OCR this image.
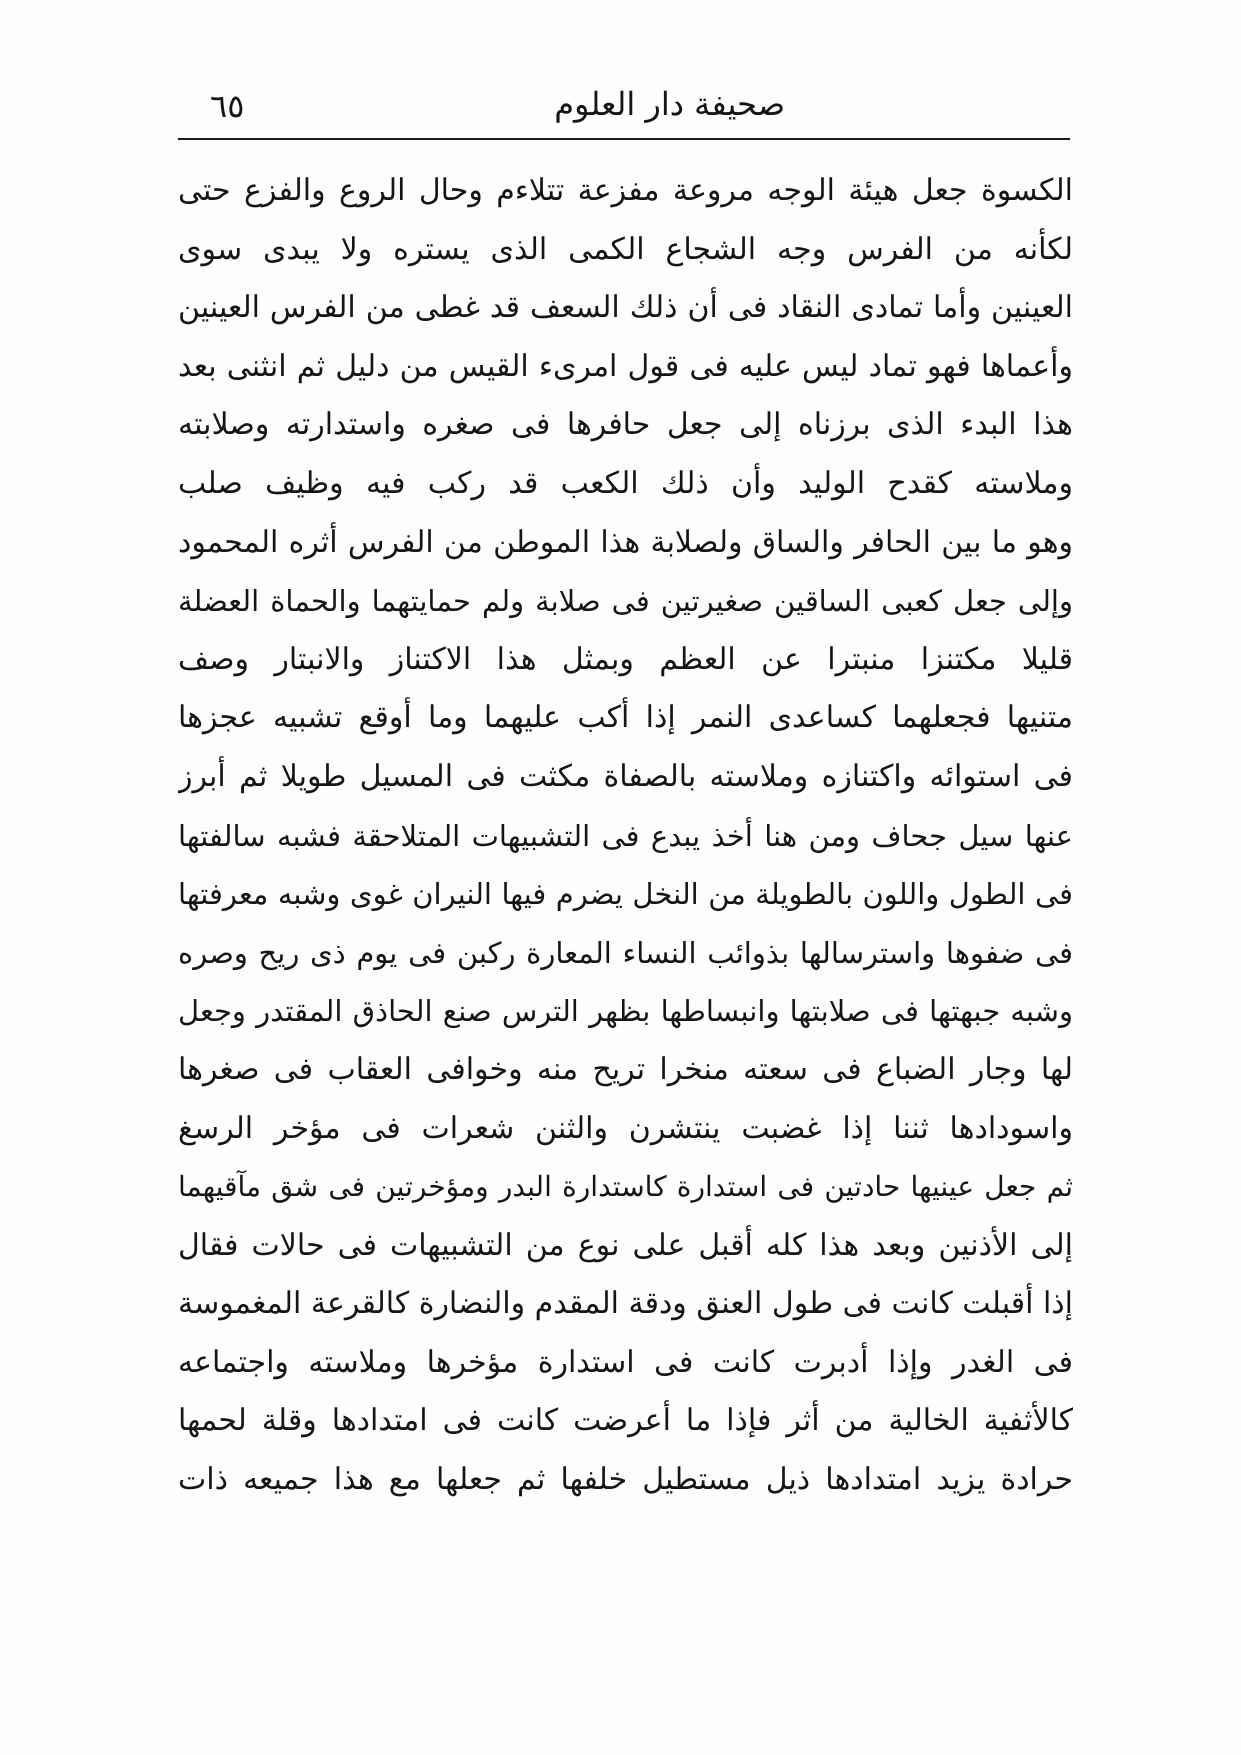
صحيفة دار العلوم
٦٥
الكسوة جعل هيئة الوجه مروعة مفزعة تتلاءم وحال الروع والفزع حتى
لكأنه من الفرس وجه الشجاع الكمى الذى يستره ولا يبدى سوى
العينين وأما تمادى النقاد فى أن ذلك السعف قد غطى من الفرس العينين
وأعماها فهو تماد ليس عليه فى قول امرىء القيس من دليل ثم انثنى بعد
هذا البدء الذى برزناه إلى جعل حافرها فى صغره واستدارته وصلابته
وملاسته كقدح الوليد وأن ذلك الكعب قد ركب فيه وظيف صلب
وهو ما بين الحافر والساق ولصلابة هذا الموطن من الفرس أثره المحمود
وإلى جعل كعبى الساقين صغيرتين فى صلابة ولم حمايتهما والحماة العضلة
قليلا مكتنزا منبترا عن العظم وبمثل هذا الاكتناز والانبتار وصف
متنيها فجعلهما كساعدى النمر إذا أكب عليهما وما أوقع تشبيه عجزها
فى استوائه واكتنازه وملاسته بالصفاة مكثت فى المسيل طويلا ثم أبرز
عنها سيل جحاف ومن هنا أخذ يبدع فى التشبيهات المتلاحقة فشبه سالفتها
فى الطول واللون بالطويلة من النخل يضرم فيها النيران غوى وشبه معرفتها
فى ضفوها واسترسالها بذوائب النساء المعارة ركبن فى يوم ذى ريح وصره
وشبه جبهتها فى صلابتها وانبساطها بظهر الترس صنع الحاذق المقتدر وجعل
لها وجار الضباع فى سعته منخرا تريح منه وخوافى العقاب فى صغرها
واسودادها ثننا إذا غضبت ينتشرن والثنن شعرات فى مؤخر الرسغ
ثم جعل عينيها حادتين فى استدارة كاستدارة البدر ومؤخرتين فى شق مآقيهما
إلى الأذنين وبعد هذا كله أقبل على نوع من التشبيهات فى حالات فقال
إذا أقبلت كانت فى طول العنق ودقة المقدم والنضارة كالقرعة المغموسة
فى الغدر وإذا أدبرت كانت فى استدارة مؤخرها وملاسته واجتماعه
كالأثفية الخالية من أثر فإذا ما أعرضت كانت فى امتدادها وقلة لحمها
حرادة يزيد امتدادها ذيل مستطيل خلفها ثم جعلها مع هذا جميعه ذات
